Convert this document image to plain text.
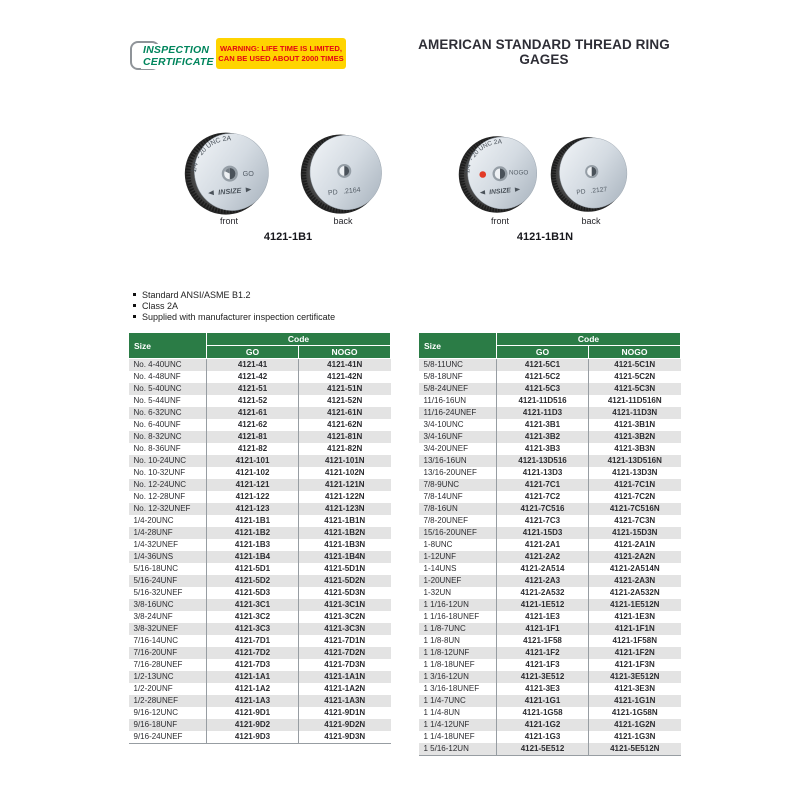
INSPECTION
CERTIFICATE
WARNING: LIFE TIME IS LIMITED,
CAN BE USED ABOUT 2000 TIMES
AMERICAN STANDARD THREAD RING GAGES
1/4" - 20 UNC 2A
GO
INSIZE	PD .2164
front	back
4121-1B1
1/4" - 20 UNC 2A
NOGO
INSIZE	PD .2127
front	back
4121-1B1N
Standard ANSI/ASME B1.2
Class 2A
Supplied with manufacturer inspection certificate
Size	Code	
	GO	NOGO
No. 4-40UNC	4121-41	4121-41N
No. 4-48UNF	4121-42	4121-42N
No. 5-40UNC	4121-51	4121-51N
No. 5-44UNF	4121-52	4121-52N
No. 6-32UNC	4121-61	4121-61N
No. 6-40UNF	4121-62	4121-62N
No. 8-32UNC	4121-81	4121-81N
No. 8-36UNF	4121-82	4121-82N
No. 10-24UNC	4121-101	4121-101N
No. 10-32UNF	4121-102	4121-102N
No. 12-24UNC	4121-121	4121-121N
No. 12-28UNF	4121-122	4121-122N
No. 12-32UNEF	4121-123	4121-123N
1/4-20UNC	4121-1B1	4121-1B1N
1/4-28UNF	4121-1B2	4121-1B2N
1/4-32UNEF	4121-1B3	4121-1B3N
1/4-36UNS	4121-1B4	4121-1B4N
5/16-18UNC	4121-5D1	4121-5D1N
5/16-24UNF	4121-5D2	4121-5D2N
5/16-32UNEF	4121-5D3	4121-5D3N
3/8-16UNC	4121-3C1	4121-3C1N
3/8-24UNF	4121-3C2	4121-3C2N
3/8-32UNEF	4121-3C3	4121-3C3N
7/16-14UNC	4121-7D1	4121-7D1N
7/16-20UNF	4121-7D2	4121-7D2N
7/16-28UNEF	4121-7D3	4121-7D3N
1/2-13UNC	4121-1A1	4121-1A1N
1/2-20UNF	4121-1A2	4121-1A2N
1/2-28UNEF	4121-1A3	4121-1A3N
9/16-12UNC	4121-9D1	4121-9D1N
9/16-18UNF	4121-9D2	4121-9D2N
9/16-24UNEF	4121-9D3	4121-9D3N
Size	Code	
	GO	NOGO
5/8-11UNC	4121-5C1	4121-5C1N
5/8-18UNF	4121-5C2	4121-5C2N
5/8-24UNEF	4121-5C3	4121-5C3N
11/16-16UN	4121-11D516	4121-11D516N
11/16-24UNEF	4121-11D3	4121-11D3N
3/4-10UNC	4121-3B1	4121-3B1N
3/4-16UNF	4121-3B2	4121-3B2N
3/4-20UNEF	4121-3B3	4121-3B3N
13/16-16UN	4121-13D516	4121-13D516N
13/16-20UNEF	4121-13D3	4121-13D3N
7/8-9UNC	4121-7C1	4121-7C1N
7/8-14UNF	4121-7C2	4121-7C2N
7/8-16UN	4121-7C516	4121-7C516N
7/8-20UNEF	4121-7C3	4121-7C3N
15/16-20UNEF	4121-15D3	4121-15D3N
1-8UNC	4121-2A1	4121-2A1N
1-12UNF	4121-2A2	4121-2A2N
1-14UNS	4121-2A514	4121-2A514N
1-20UNEF	4121-2A3	4121-2A3N
1-32UN	4121-2A532	4121-2A532N
1 1/16-12UN	4121-1E512	4121-1E512N
1 1/16-18UNEF	4121-1E3	4121-1E3N
1 1/8-7UNC	4121-1F1	4121-1F1N
1 1/8-8UN	4121-1F58	4121-1F58N
1 1/8-12UNF	4121-1F2	4121-1F2N
1 1/8-18UNEF	4121-1F3	4121-1F3N
1 3/16-12UN	4121-3E512	4121-3E512N
1 3/16-18UNEF	4121-3E3	4121-3E3N
1 1/4-7UNC	4121-1G1	4121-1G1N
1 1/4-8UN	4121-1G58	4121-1G58N
1 1/4-12UNF	4121-1G2	4121-1G2N
1 1/4-18UNEF	4121-1G3	4121-1G3N
1 5/16-12UN	4121-5E512	4121-5E512N
